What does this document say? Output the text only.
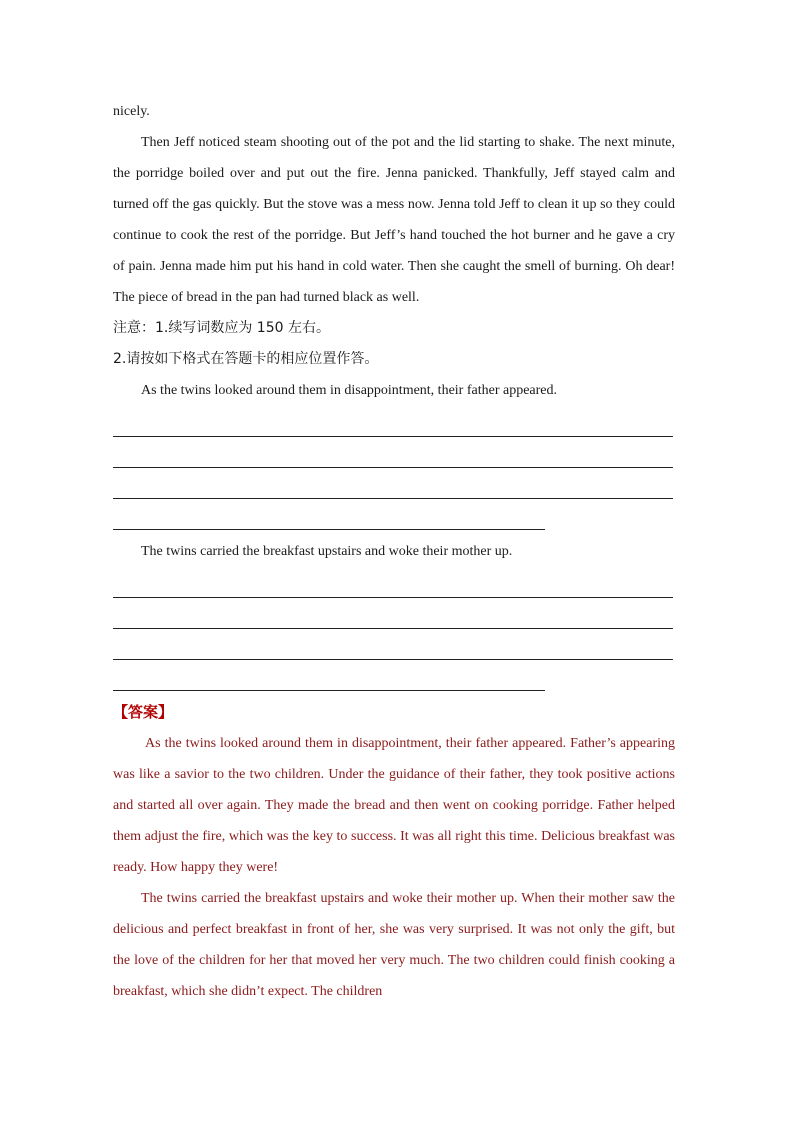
nicely.

Then Jeff noticed steam shooting out of the pot and the lid starting to shake. The next minute, the porridge boiled over and put out the fire. Jenna panicked. Thankfully, Jeff stayed calm and turned off the gas quickly. But the stove was a mess now. Jenna told Jeff to clean it up so they could continue to cook the rest of the porridge. But Jeff’s hand touched the hot burner and he gave a cry of pain. Jenna made him put his hand in cold water. Then she caught the smell of burning. Oh dear! The piece of bread in the pan had turned black as well.

注意：1.续写词数应为 150 左右。
2.请按如下格式在答题卡的相应位置作答。

As the twins looked around them in disappointment, their father appeared.

The twins carried the breakfast upstairs and woke their mother up.

【答案】

As the twins looked around them in disappointment, their father appeared. Father’s appearing was like a savior to the two children. Under the guidance of their father, they took positive actions and started all over again. They made the bread and then went on cooking porridge. Father helped them adjust the fire, which was the key to success. It was all right this time. Delicious breakfast was ready. How happy they were!

The twins carried the breakfast upstairs and woke their mother up. When their mother saw the delicious and perfect breakfast in front of her, she was very surprised. It was not only the gift, but the love of the children for her that moved her very much. The two children could finish cooking a breakfast, which she didn’t expect. The children
